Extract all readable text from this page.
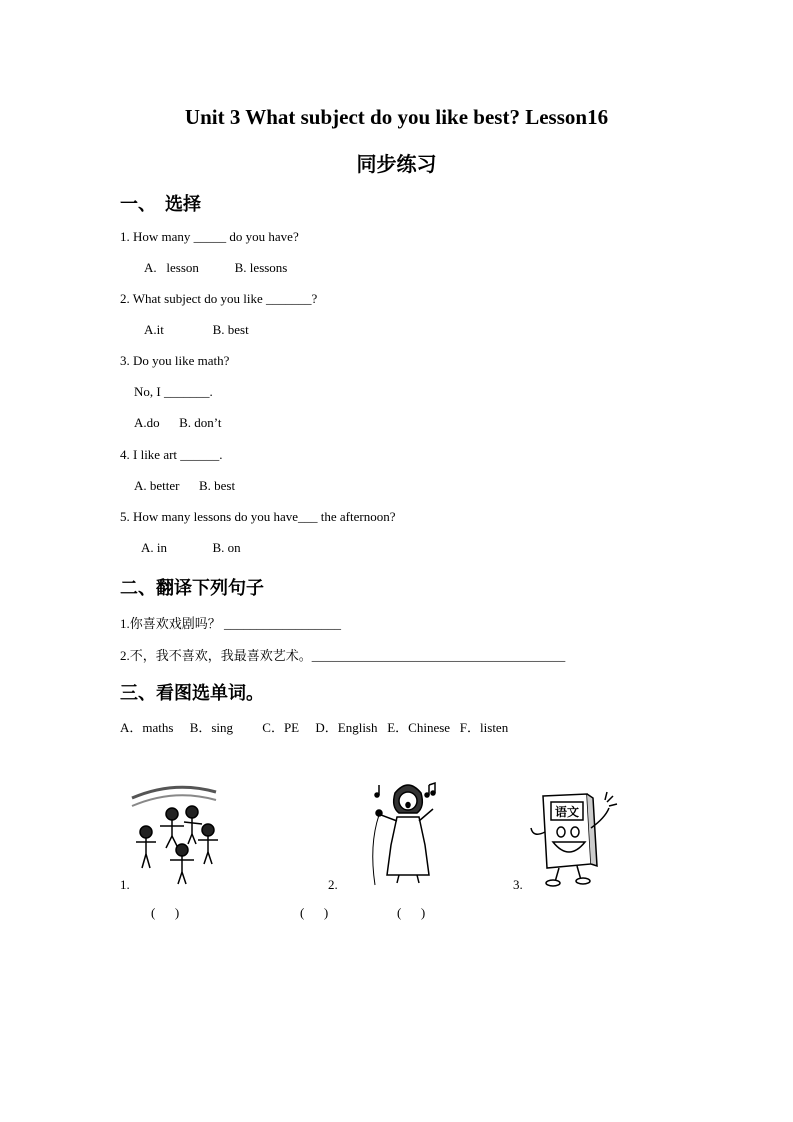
Unit 3 What subject do you like best? Lesson16
同步练习
一、　选择
1. How many _____ do you have?
A.   lesson           B. lessons
2. What subject do you like _______?
A.it               B. best
3. Do you like math?
No, I _______.
A.do      B. don’t
4. I like art ______.
A. better      B. best
5. How many lessons do you have___ the afternoon?
A. in              B. on
二、翻译下列句子
1.你喜欢戏剧吗？ __________________
2.不，我不喜欢，我最喜欢艺术。_______________________________________
三、看图选单词。
A．maths     B．sing         C．PE     D．English   E．Chinese   F．listen
语文
1.	2.	3.
(      )	(      )	(      )
